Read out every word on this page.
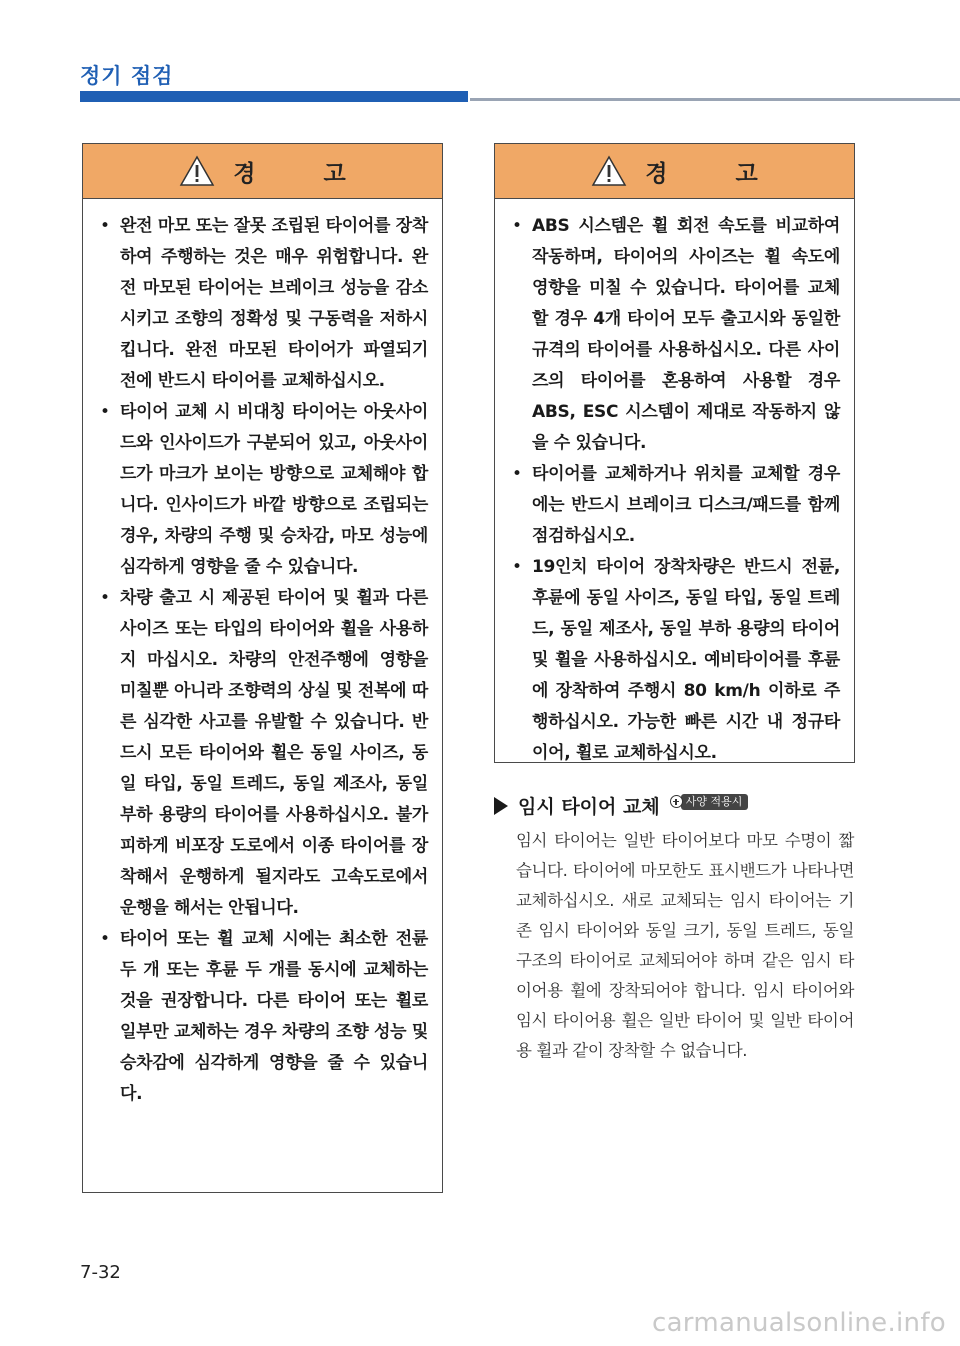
정기 점검
경 고
• 완전 마모 또는 잘못 조립된 타이어를 장착하여 주행하는 것은 매우 위험합니다. 완전 마모된 타이어는 브레이크 성능을 감소시키고 조향의 정확성 및 구동력을 저하시킵니다. 완전 마모된 타이어가 파열되기 전에 반드시 타이어를 교체하십시오.
• 타이어 교체 시 비대칭 타이어는 아웃사이드와 인사이드가 구분되어 있고, 아웃사이드가 마크가 보이는 방향으로 교체해야 합니다. 인사이드가 바깥 방향으로 조립되는 경우, 차량의 주행 및 승차감, 마모 성능에 심각하게 영향을 줄 수 있습니다.
• 차량 출고 시 제공된 타이어 및 휠과 다른 사이즈 또는 타입의 타이어와 휠을 사용하지 마십시오. 차량의 안전주행에 영향을 미칠뿐 아니라 조향력의 상실 및 전복에 따른 심각한 사고를 유발할 수 있습니다. 반드시 모든 타이어와 휠은 동일 사이즈, 동일 타입, 동일 트레드, 동일 제조사, 동일 부하 용량의 타이어를 사용하십시오. 불가피하게 비포장 도로에서 이종 타이어를 장착해서 운행하게 될지라도 고속도로에서 운행을 해서는 안됩니다.
• 타이어 또는 휠 교체 시에는 최소한 전륜 두 개 또는 후륜 두 개를 동시에 교체하는 것을 권장합니다. 다른 타이어 또는 휠로 일부만 교체하는 경우 차량의 조향 성능 및 승차감에 심각하게 영향을 줄 수 있습니다.
경 고
• ABS 시스템은 휠 회전 속도를 비교하여 작동하며, 타이어의 사이즈는 휠 속도에 영향을 미칠 수 있습니다. 타이어를 교체할 경우 4개 타이어 모두 출고시와 동일한 규격의 타이어를 사용하십시오. 다른 사이즈의 타이어를 혼용하여 사용할 경우 ABS, ESC 시스템이 제대로 작동하지 않을 수 있습니다.
• 타이어를 교체하거나 위치를 교체할 경우에는 반드시 브레이크 디스크/패드를 함께 점검하십시오.
• 19인치 타이어 장착차량은 반드시 전륜, 후륜에 동일 사이즈, 동일 타입, 동일 트레드, 동일 제조사, 동일 부하 용량의 타이어 및 휠을 사용하십시오. 예비타이어를 후륜에 장착하여 주행시 80 km/h 이하로 주행하십시오. 가능한 빠른 시간 내 정규타이어, 휠로 교체하십시오.
임시 타이어 교체	사양 적용시
임시 타이어는 일반 타이어보다 마모 수명이 짧습니다. 타이어에 마모한도 표시밴드가 나타나면 교체하십시오. 새로 교체되는 임시 타이어는 기존 임시 타이어와 동일 크기, 동일 트레드, 동일 구조의 타이어로 교체되어야 하며 같은 임시 타이어용 휠에 장착되어야 합니다. 임시 타이어와 임시 타이어용 휠은 일반 타이어 및 일반 타이어용 휠과 같이 장착할 수 없습니다.
7-32
carmanualsonline.info
